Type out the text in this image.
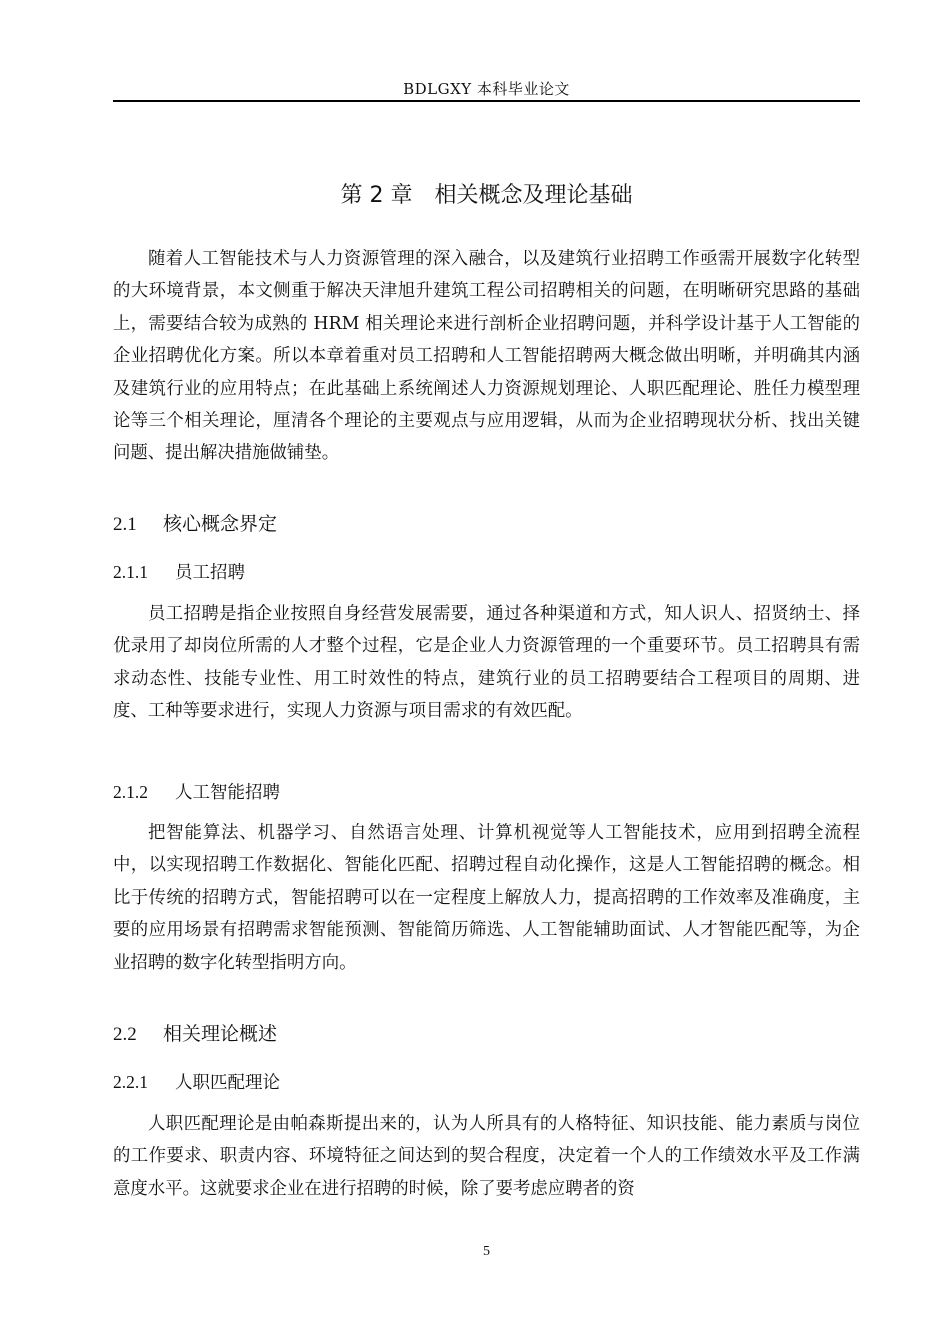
BDLGXY 本科毕业论文
第 2 章　相关概念及理论基础

随着人工智能技术与人力资源管理的深入融合，以及建筑行业招聘工作亟需开展数字化转型的大环境背景，本文侧重于解决天津旭升建筑工程公司招聘相关的问题，在明晰研究思路的基础上，需要结合较为成熟的 HRM 相关理论来进行剖析企业招聘问题，并科学设计基于人工智能的企业招聘优化方案。所以本章着重对员工招聘和人工智能招聘两大概念做出明晰，并明确其内涵及建筑行业的应用特点；在此基础上系统阐述人力资源规划理论、人职匹配理论、胜任力模型理论等三个相关理论，厘清各个理论的主要观点与应用逻辑，从而为企业招聘现状分析、找出关键问题、提出解决措施做铺垫。

2.1 核心概念界定
2.1.1 员工招聘

员工招聘是指企业按照自身经营发展需要，通过各种渠道和方式，知人识人、招贤纳士、择优录用了却岗位所需的人才整个过程，它是企业人力资源管理的一个重要环节。员工招聘具有需求动态性、技能专业性、用工时效性的特点，建筑行业的员工招聘要结合工程项目的周期、进度、工种等要求进行，实现人力资源与项目需求的有效匹配。

2.1.2 人工智能招聘

把智能算法、机器学习、自然语言处理、计算机视觉等人工智能技术，应用到招聘全流程中，以实现招聘工作数据化、智能化匹配、招聘过程自动化操作，这是人工智能招聘的概念。相比于传统的招聘方式，智能招聘可以在一定程度上解放人力，提高招聘的工作效率及准确度，主要的应用场景有招聘需求智能预测、智能简历筛选、人工智能辅助面试、人才智能匹配等，为企业招聘的数字化转型指明方向。

2.2 相关理论概述
2.2.1 人职匹配理论

人职匹配理论是由帕森斯提出来的，认为人所具有的人格特征、知识技能、能力素质与岗位的工作要求、职责内容、环境特征之间达到的契合程度，决定着一个人的工作绩效水平及工作满意度水平。这就要求企业在进行招聘的时候，除了要考虑应聘者的资

5
